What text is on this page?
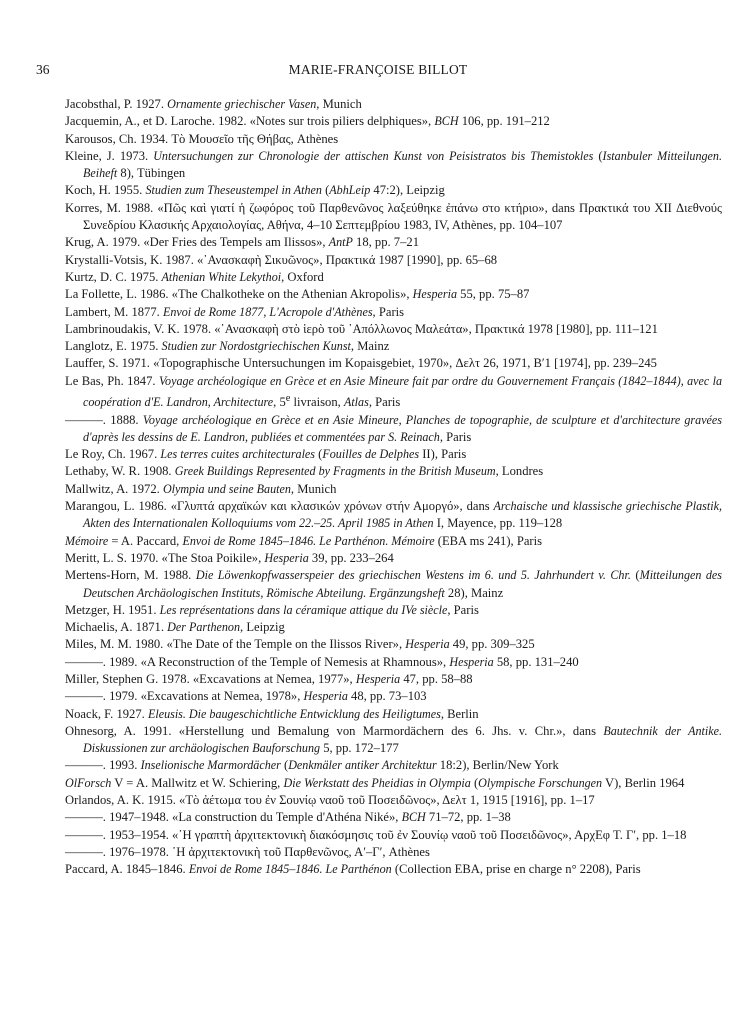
36	MARIE-FRANÇOISE BILLOT
Jacobsthal, P. 1927. Ornamente griechischer Vasen, Munich
Jacquemin, A., et D. Laroche. 1982. «Notes sur trois piliers delphiques», BCH 106, pp. 191–212
Karousos, Ch. 1934. Τὸ Μουσεῖο τῆς Θήβας, Athènes
Kleine, J. 1973. Untersuchungen zur Chronologie der attischen Kunst von Peisistratos bis Themistokles (Istanbuler Mitteilungen. Beiheft 8), Tübingen
Koch, H. 1955. Studien zum Theseustempel in Athen (AbhLeip 47:2), Leipzig
Korres, M. 1988. «Πῶς καὶ γιατί ἡ ζωφόρος τοῦ Παρθενῶνος λαξεύθηκε ἐπάνω στο κτήριο», dans Πρακτικά του XII Διεθνούς Συνεδρίου Κλασικής Αρχαιολογίας, Αθήνα, 4–10 Σεπτεμβρίου 1983, IV, Athènes, pp. 104–107
Krug, A. 1979. «Der Fries des Tempels am Ilissos», AntP 18, pp. 7–21
Krystalli-Votsis, K. 1987. «᾿Ανασκαφὴ Σικυῶνος», Πρακτικά 1987 [1990], pp. 65–68
Kurtz, D. C. 1975. Athenian White Lekythoi, Oxford
La Follette, L. 1986. «The Chalkotheke on the Athenian Akropolis», Hesperia 55, pp. 75–87
Lambert, M. 1877. Envoi de Rome 1877, L'Acropole d'Athènes, Paris
Lambrinoudakis, V. K. 1978. «᾿Ανασκαφὴ στὸ ἱερὸ τοῦ ᾿Απόλλωνος Μαλεάτα», Πρακτικά 1978 [1980], pp. 111–121
Langlotz, E. 1975. Studien zur Nordostgriechischen Kunst, Mainz
Lauffer, S. 1971. «Topographische Untersuchungen im Kopaisgebiet, 1970», Δελτ 26, 1971, B′1 [1974], pp. 239–245
Le Bas, Ph. 1847. Voyage archéologique en Grèce et en Asie Mineure fait par ordre du Gouvernement Français (1842–1844), avec la coopération d'E. Landron, Architecture, 5e livraison, Atlas, Paris
———. 1888. Voyage archéologique en Grèce et en Asie Mineure, Planches de topographie, de sculpture et d'architecture gravées d'après les dessins de E. Landron, publiées et commentées par S. Reinach, Paris
Le Roy, Ch. 1967. Les terres cuites architecturales (Fouilles de Delphes II), Paris
Lethaby, W. R. 1908. Greek Buildings Represented by Fragments in the British Museum, Londres
Mallwitz, A. 1972. Olympia und seine Bauten, Munich
Marangou, L. 1986. «Γλυπτά αρχαϊκών και κλασικών χρόνων στήν Αμοργό», dans Archaische und klassische griechische Plastik, Akten des Internationalen Kolloquiums vom 22.–25. April 1985 in Athen I, Mayence, pp. 119–128
Mémoire = A. Paccard, Envoi de Rome 1845–1846. Le Parthénon. Mémoire (EBA ms 241), Paris
Meritt, L. S. 1970. «The Stoa Poikile», Hesperia 39, pp. 233–264
Mertens-Horn, M. 1988. Die Löwenkopfwasserspeier des griechischen Westens im 6. und 5. Jahrhundert v. Chr. (Mitteilungen des Deutschen Archäologischen Instituts, Römische Abteilung. Ergänzungsheft 28), Mainz
Metzger, H. 1951. Les représentations dans la céramique attique du IVe siècle, Paris
Michaelis, A. 1871. Der Parthenon, Leipzig
Miles, M. M. 1980. «The Date of the Temple on the Ilissos River», Hesperia 49, pp. 309–325
———. 1989. «A Reconstruction of the Temple of Nemesis at Rhamnous», Hesperia 58, pp. 131–240
Miller, Stephen G. 1978. «Excavations at Nemea, 1977», Hesperia 47, pp. 58–88
———. 1979. «Excavations at Nemea, 1978», Hesperia 48, pp. 73–103
Noack, F. 1927. Eleusis. Die baugeschichtliche Entwicklung des Heiligtumes, Berlin
Ohnesorg, A. 1991. «Herstellung und Bemalung von Marmordächern des 6. Jhs. v. Chr.», dans Bautechnik der Antike. Diskussionen zur archäologischen Bauforschung 5, pp. 172–177
———. 1993. Inselionische Marmordächer (Denkmäler antiker Architektur 18:2), Berlin/New York
OlForsch V = A. Mallwitz et W. Schiering, Die Werkstatt des Pheidias in Olympia (Olympische Forschungen V), Berlin 1964
Orlandos, A. K. 1915. «Τὸ ἀέτωμα του ἐν Σουνίῳ ναοῦ τοῦ Ποσειδῶνος», Δελτ 1, 1915 [1916], pp. 1–17
———. 1947–1948. «La construction du Temple d'Athéna Niké», BCH 71–72, pp. 1–38
———. 1953–1954. «῾Η γραπτὴ ἀρχιτεκτονικὴ διακόσμησις τοῦ ἐν Σουνίῳ ναοῦ τοῦ Ποσειδῶνος», ΑρχΕφ Τ. Γ′, pp. 1–18
———. 1976–1978. ῾Η ἀρχιτεκτονικὴ τοῦ Παρθενῶνος, Α′–Γ′, Athènes
Paccard, A. 1845–1846. Envoi de Rome 1845–1846. Le Parthénon (Collection EBA, prise en charge n° 2208), Paris
